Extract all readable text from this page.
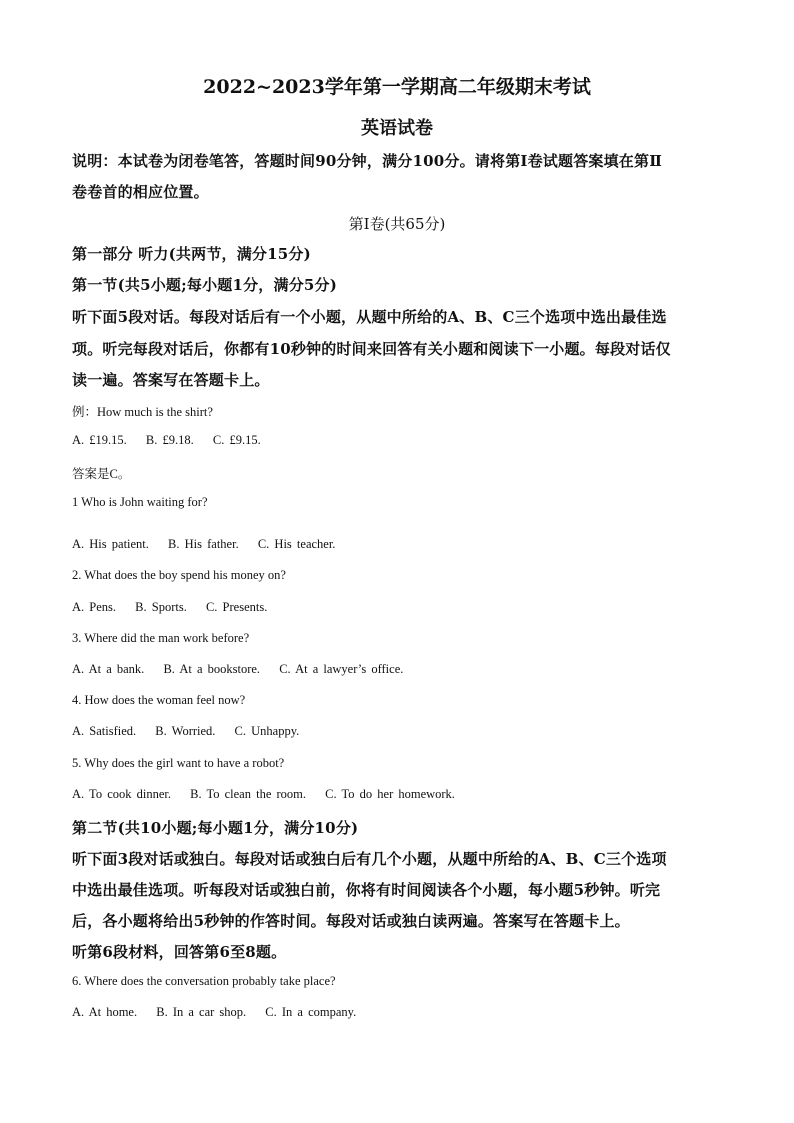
2022~2023学年第一学期高二年级期末考试
英语试卷
说明：本试卷为闭卷笔答，答题时间90分钟，满分100分。请将第Ⅰ卷试题答案填在第Ⅱ
卷卷首的相应位置。
第Ⅰ卷(共65分)
第一部分 听力(共两节，满分15分)
第一节(共5小题;每小题1分，满分5分)
听下面5段对话。每段对话后有一个小题，从题中所给的A、B、C三个选项中选出最佳选
项。听完每段对话后，你都有10秒钟的时间来回答有关小题和阅读下一小题。每段对话仅
读一遍。答案写在答题卡上。
例：How much is the shirt?
A. £19.15. B. £9.18. C. £9.15.
答案是C。
1 Who is John waiting for?
A. His patient. B. His father. C. His teacher.
2. What does the boy spend his money on?
A. Pens. B. Sports. C. Presents.
3. Where did the man work before?
A. At a bank. B. At a bookstore. C. At a lawyer’s office.
4. How does the woman feel now?
A. Satisfied. B. Worried. C. Unhappy.
5. Why does the girl want to have a robot?
A. To cook dinner. B. To clean the room. C. To do her homework.
第二节(共10小题;每小题1分，满分10分)
听下面3段对话或独白。每段对话或独白后有几个小题，从题中所给的A、B、C三个选项
中选出最佳选项。听每段对话或独白前，你将有时间阅读各个小题，每小题5秒钟。听完
后，各小题将给出5秒钟的作答时间。每段对话或独白读两遍。答案写在答题卡上。
听第6段材料，回答第6至8题。
6. Where does the conversation probably take place?
A. At home. B. In a car shop. C. In a company.
